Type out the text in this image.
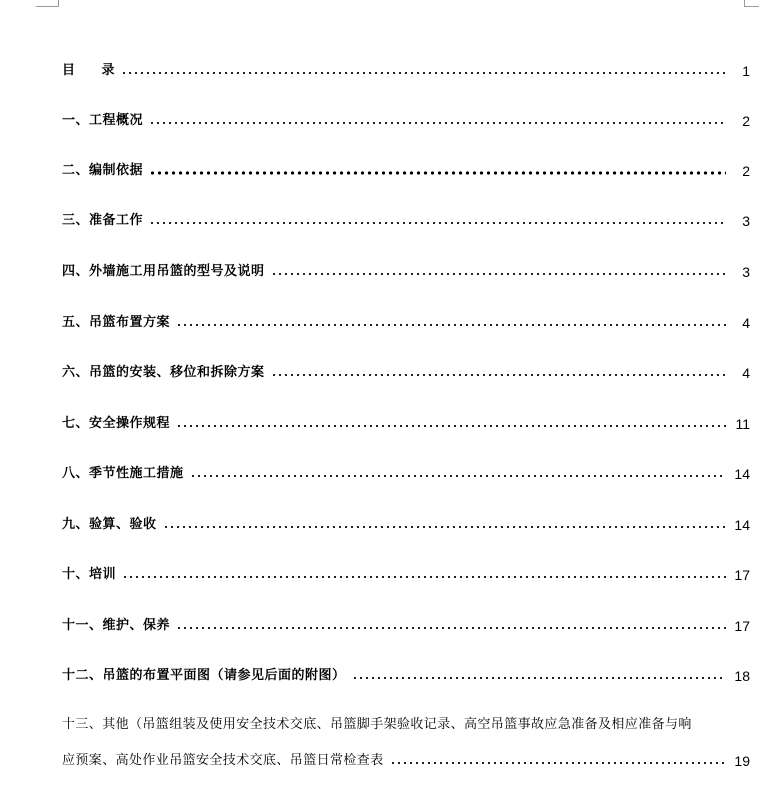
目 录	1
一、工程概况	2
二、编制依据	2
三、准备工作	3
四、外墙施工用吊篮的型号及说明	3
五、吊篮布置方案	4
六、吊篮的安装、移位和拆除方案	4
七、安全操作规程	11
八、季节性施工措施	14
九、验算、验收	14
十、培训	17
十一、维护、保养	17
十二、吊篮的布置平面图（请参见后面的附图）	18
十三、其他（吊篮组装及使用安全技术交底、吊篮脚手架验收记录、高空吊篮事故应急准备及相应准备与响
应预案、高处作业吊篮安全技术交底、吊篮日常检查表	19
